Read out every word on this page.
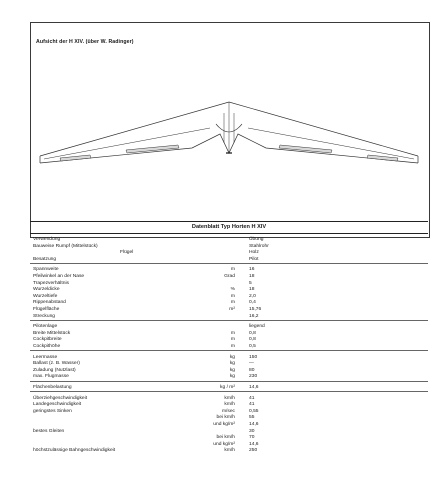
Aufsicht der H XIV. (über W. Radinger)
Datenblatt Typ Horten H XIV
Verwendung	Übung
Bauweise Rumpf (Mittelstück)	Stahlrohr
Flügel	Holz
Besatzung	Pilot
Spannweite	m	16
Pfeilwinkel an der Nase	Grad	18
Trapezverhältnis	5
Wurzeldicke	%	18
Wurzeltiefe	m	2,0
Rippenabstand	m	0,4
Flügelfläche	m²	15,76
Streckung	16,2
Pilotenlage	liegend
Breite Mittelstück	m	0,8
Cockpitbreite	m	0,8
Cockpithöhe	m	0,5
Leermasse	kg	150
Ballast (z. B. Wasser)	kg	—
Zuladung (Nutzlast)	kg	80
max. Flugmasse	kg	230
Flächenbelastung	kg / m²	14,6
Überziehgeschwindigkeit	km/h	41
Landegeschwindigkeit	km/h	41
geringstes Sinken	m/sec	0,55
bei km/h	55
und kg/m²	14,6
bestes Gleiten	30
bei km/h	70
und kg/m²	14,6
höchstzulässige Bahngeschwindigkeit	km/h	250
